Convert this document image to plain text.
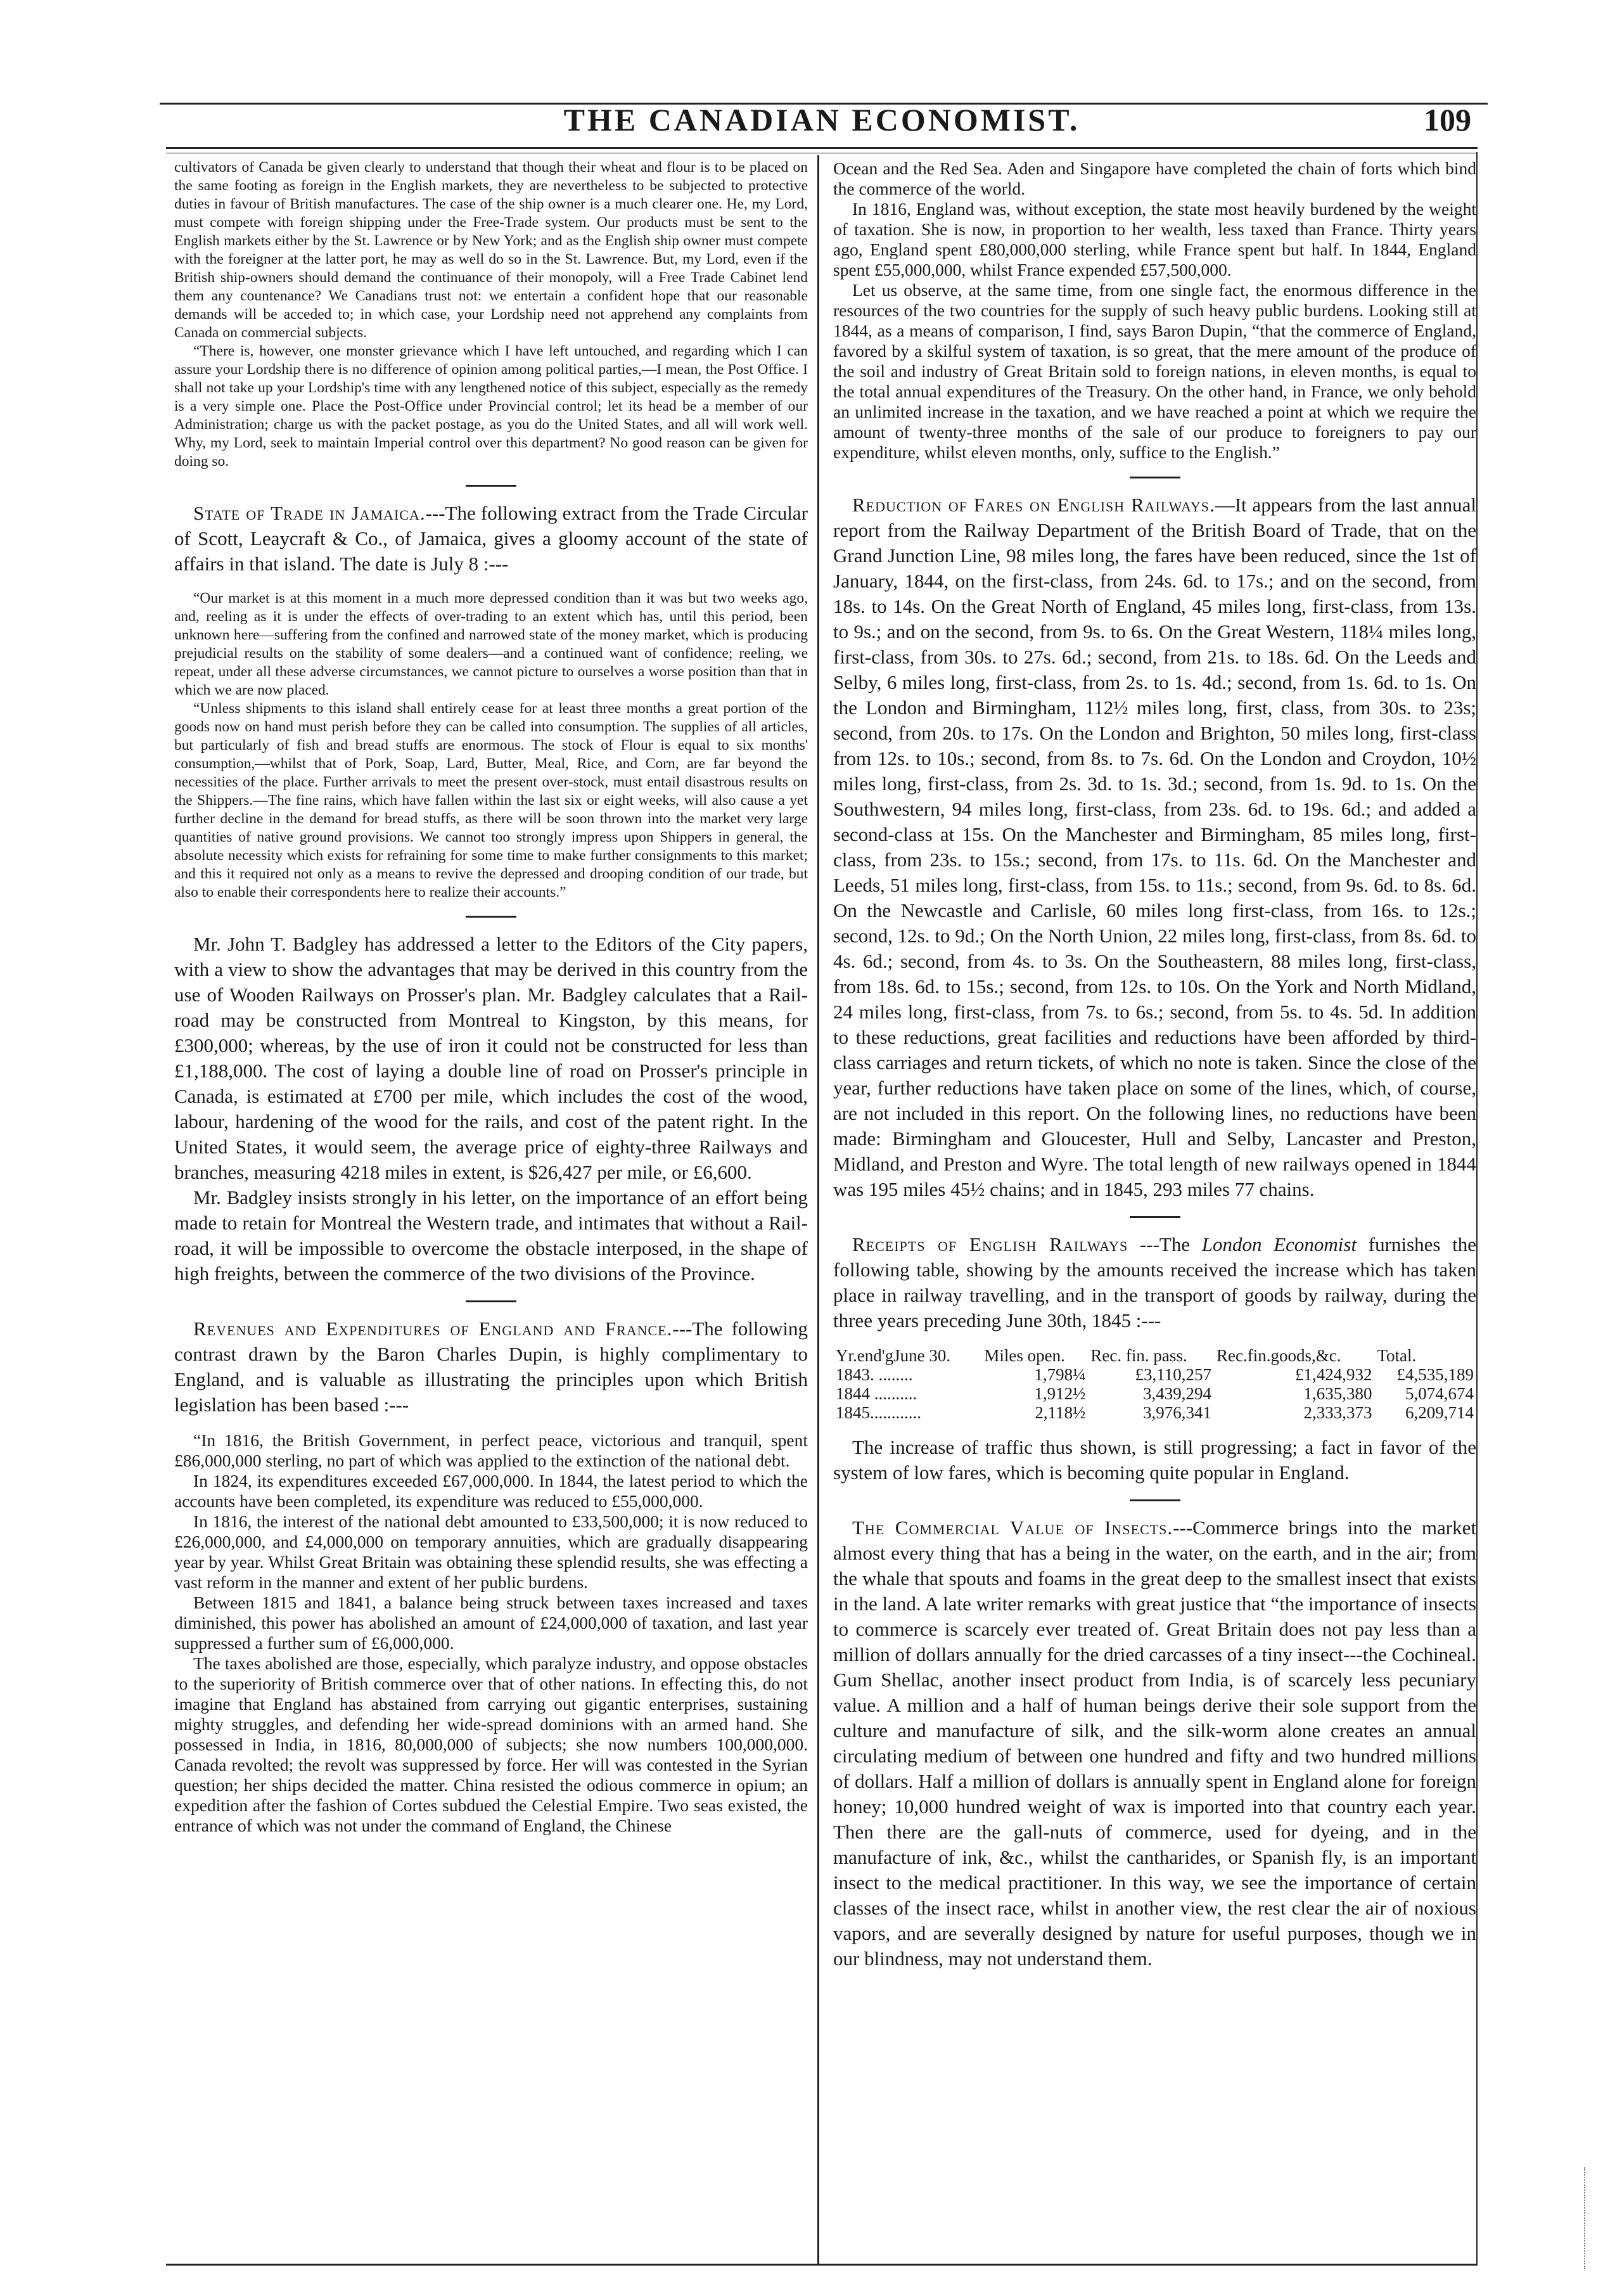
THE CANADIAN ECONOMIST.	109

cultivators of Canada be given clearly to understand that though their wheat and flour is to be placed on the same footing as foreign in the English markets, they are nevertheless to be subjected to protective duties in favour of British manufactures. The case of the ship owner is a much clearer one. He, my Lord, must compete with foreign shipping under the Free-Trade system. Our products must be sent to the English markets either by the St. Lawrence or by New York; and as the English ship owner must compete with the foreigner at the latter port, he may as well do so in the St. Lawrence. But, my Lord, even if the British ship-owners should demand the continuance of their monopoly, will a Free Trade Cabinet lend them any countenance? We Canadians trust not: we entertain a confident hope that our reasonable demands will be acceded to; in which case, your Lordship need not apprehend any complaints from Canada on commercial subjects.

“There is, however, one monster grievance which I have left untouched, and regarding which I can assure your Lordship there is no difference of opinion among political parties,—I mean, the Post Office. I shall not take up your Lordship's time with any lengthened notice of this subject, especially as the remedy is a very simple one. Place the Post-Office under Provincial control; let its head be a member of our Administration; charge us with the packet postage, as you do the United States, and all will work well. Why, my Lord, seek to maintain Imperial control over this department? No good reason can be given for doing so.

State of Trade in Jamaica.---The following extract from the Trade Circular of Scott, Leaycraft & Co., of Jamaica, gives a gloomy account of the state of affairs in that island. The date is July 8 :---

“Our market is at this moment in a much more depressed condition than it was but two weeks ago, and, reeling as it is under the effects of over-trading to an extent which has, until this period, been unknown here—suffering from the confined and narrowed state of the money market, which is producing prejudicial results on the stability of some dealers—and a continued want of confidence; reeling, we repeat, under all these adverse circumstances, we cannot picture to ourselves a worse position than that in which we are now placed.

“Unless shipments to this island shall entirely cease for at least three months a great portion of the goods now on hand must perish before they can be called into consumption. The supplies of all articles, but particularly of fish and bread stuffs are enormous. The stock of Flour is equal to six months' consumption,—whilst that of Pork, Soap, Lard, Butter, Meal, Rice, and Corn, are far beyond the necessities of the place. Further arrivals to meet the present over-stock, must entail disastrous results on the Shippers.—The fine rains, which have fallen within the last six or eight weeks, will also cause a yet further decline in the demand for bread stuffs, as there will be soon thrown into the market very large quantities of native ground provisions. We cannot too strongly impress upon Shippers in general, the absolute necessity which exists for refraining for some time to make further consignments to this market; and this it required not only as a means to revive the depressed and drooping condition of our trade, but also to enable their correspondents here to realize their accounts.”

Mr. John T. Badgley has addressed a letter to the Editors of the City papers, with a view to show the advantages that may be derived in this country from the use of Wooden Railways on Prosser's plan. Mr. Badgley calculates that a Rail-road may be constructed from Montreal to Kingston, by this means, for £300,000; whereas, by the use of iron it could not be constructed for less than £1,188,000. The cost of laying a double line of road on Prosser's principle in Canada, is estimated at £700 per mile, which includes the cost of the wood, labour, hardening of the wood for the rails, and cost of the patent right. In the United States, it would seem, the average price of eighty-three Railways and branches, measuring 4218 miles in extent, is $26,427 per mile, or £6,600.

Mr. Badgley insists strongly in his letter, on the importance of an effort being made to retain for Montreal the Western trade, and intimates that without a Rail-road, it will be impossible to overcome the obstacle interposed, in the shape of high freights, between the commerce of the two divisions of the Province.

Revenues and Expenditures of England and France.---The following contrast drawn by the Baron Charles Dupin, is highly complimentary to England, and is valuable as illustrating the principles upon which British legislation has been based :---

“In 1816, the British Government, in perfect peace, victorious and tranquil, spent £86,000,000 sterling, no part of which was applied to the extinction of the national debt.

In 1824, its expenditures exceeded £67,000,000. In 1844, the latest period to which the accounts have been completed, its expenditure was reduced to £55,000,000.

In 1816, the interest of the national debt amounted to £33,500,000; it is now reduced to £26,000,000, and £4,000,000 on temporary annuities, which are gradually disappearing year by year. Whilst Great Britain was obtaining these splendid results, she was effecting a vast reform in the manner and extent of her public burdens.

Between 1815 and 1841, a balance being struck between taxes increased and taxes diminished, this power has abolished an amount of £24,000,000 of taxation, and last year suppressed a further sum of £6,000,000.

The taxes abolished are those, especially, which paralyze industry, and oppose obstacles to the superiority of British commerce over that of other nations. In effecting this, do not imagine that England has abstained from carrying out gigantic enterprises, sustaining mighty struggles, and defending her wide-spread dominions with an armed hand. She possessed in India, in 1816, 80,000,000 of subjects; she now numbers 100,000,000. Canada revolted; the revolt was suppressed by force. Her will was contested in the Syrian question; her ships decided the matter. China resisted the odious commerce in opium; an expedition after the fashion of Cortes subdued the Celestial Empire. Two seas existed, the entrance of which was not under the command of England, the Chinese

Ocean and the Red Sea. Aden and Singapore have completed the chain of forts which bind the commerce of the world.

In 1816, England was, without exception, the state most heavily burdened by the weight of taxation. She is now, in proportion to her wealth, less taxed than France. Thirty years ago, England spent £80,000,000 sterling, while France spent but half. In 1844, England spent £55,000,000, whilst France expended £57,500,000.

Let us observe, at the same time, from one single fact, the enormous difference in the resources of the two countries for the supply of such heavy public burdens. Looking still at 1844, as a means of comparison, I find, says Baron Dupin, “that the commerce of England, favored by a skilful system of taxation, is so great, that the mere amount of the produce of the soil and industry of Great Britain sold to foreign nations, in eleven months, is equal to the total annual expenditures of the Treasury. On the other hand, in France, we only behold an unlimited increase in the taxation, and we have reached a point at which we require the amount of twenty-three months of the sale of our produce to foreigners to pay our expenditure, whilst eleven months, only, suffice to the English.”

Reduction of Fares on English Railways.—It appears from the last annual report from the Railway Department of the British Board of Trade, that on the Grand Junction Line, 98 miles long, the fares have been reduced, since the 1st of January, 1844, on the first-class, from 24s. 6d. to 17s.; and on the second, from 18s. to 14s. On the Great North of England, 45 miles long, first-class, from 13s. to 9s.; and on the second, from 9s. to 6s. On the Great Western, 118¼ miles long, first-class, from 30s. to 27s. 6d.; second, from 21s. to 18s. 6d. On the Leeds and Selby, 6 miles long, first-class, from 2s. to 1s. 4d.; second, from 1s. 6d. to 1s. On the London and Birmingham, 112½ miles long, first, class, from 30s. to 23s; second, from 20s. to 17s. On the London and Brighton, 50 miles long, first-class from 12s. to 10s.; second, from 8s. to 7s. 6d. On the London and Croydon, 10½ miles long, first-class, from 2s. 3d. to 1s. 3d.; second, from 1s. 9d. to 1s. On the Southwestern, 94 miles long, first-class, from 23s. 6d. to 19s. 6d.; and added a second-class at 15s. On the Manchester and Birmingham, 85 miles long, first-class, from 23s. to 15s.; second, from 17s. to 11s. 6d. On the Manchester and Leeds, 51 miles long, first-class, from 15s. to 11s.; second, from 9s. 6d. to 8s. 6d. On the Newcastle and Carlisle, 60 miles long first-class, from 16s. to 12s.; second, 12s. to 9d.; On the North Union, 22 miles long, first-class, from 8s. 6d. to 4s. 6d.; second, from 4s. to 3s. On the Southeastern, 88 miles long, first-class, from 18s. 6d. to 15s.; second, from 12s. to 10s. On the York and North Midland, 24 miles long, first-class, from 7s. to 6s.; second, from 5s. to 4s. 5d. In addition to these reductions, great facilities and reductions have been afforded by third-class carriages and return tickets, of which no note is taken. Since the close of the year, further reductions have taken place on some of the lines, which, of course, are not included in this report. On the following lines, no reductions have been made: Birmingham and Gloucester, Hull and Selby, Lancaster and Preston, Midland, and Preston and Wyre. The total length of new railways opened in 1844 was 195 miles 45½ chains; and in 1845, 293 miles 77 chains.

Receipts of English Railways ---The London Economist furnishes the following table, showing by the amounts received the increase which has taken place in railway travelling, and in the transport of goods by railway, during the three years preceding June 30th, 1845 :---

Yr.end'gJune 30.	Miles open.	Rec. fin. pass.	Rec.fin.goods,&c.	Total.
1843. ........	1,798¼	£3,110,257	£1,424,932	£4,535,189
1844 ..........	1,912½	3,439,294	1,635,380	5,074,674
1845............	2,118½	3,976,341	2,333,373	6,209,714

The increase of traffic thus shown, is still progressing; a fact in favor of the system of low fares, which is becoming quite popular in England.

The Commercial Value of Insects.---Commerce brings into the market almost every thing that has a being in the water, on the earth, and in the air; from the whale that spouts and foams in the great deep to the smallest insect that exists in the land. A late writer remarks with great justice that “the importance of insects to commerce is scarcely ever treated of. Great Britain does not pay less than a million of dollars annually for the dried carcasses of a tiny insect---the Cochineal. Gum Shellac, another insect product from India, is of scarcely less pecuniary value. A million and a half of human beings derive their sole support from the culture and manufacture of silk, and the silk-worm alone creates an annual circulating medium of between one hundred and fifty and two hundred millions of dollars. Half a million of dollars is annually spent in England alone for foreign honey; 10,000 hundred weight of wax is imported into that country each year. Then there are the gall-nuts of commerce, used for dyeing, and in the manufacture of ink, &c., whilst the cantharides, or Spanish fly, is an important insect to the medical practitioner. In this way, we see the importance of certain classes of the insect race, whilst in another view, the rest clear the air of noxious vapors, and are severally designed by nature for useful purposes, though we in our blindness, may not understand them.
